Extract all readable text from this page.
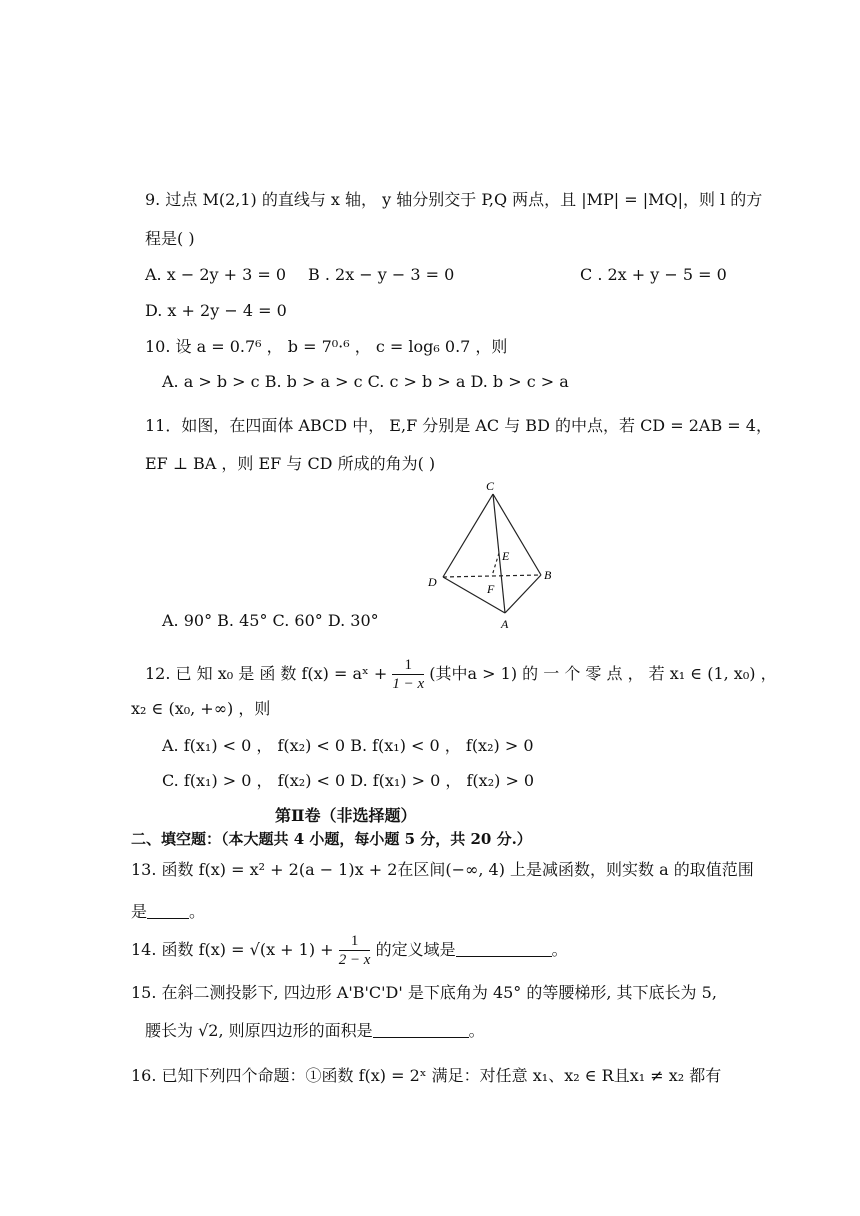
9. 过点 M(2,1) 的直线与 x 轴， y 轴分别交于 P,Q 两点，且 |MP| = |MQ|，则 l 的方
程是( )
A. x − 2y + 3 = 0 B . 2x − y − 3 = 0	C . 2x + y − 5 = 0
D. x + 2y − 4 = 0
10. 设 a = 0.7⁶ ， b = 7⁰·⁶ ， c = log₆ 0.7 ，则
A. a > b > c B. b > a > c C. c > b > a D. b > c > a
11．如图，在四面体 ABCD 中， E,F 分别是 AC 与 BD 的中点，若 CD = 2AB = 4，
EF ⊥ BA ，则 EF 与 CD 所成的角为( )
C
E
B
D	F
A
A. 90° B. 45° C. 60° D. 30°
12. 已 知 x₀ 是 函 数 f(x) = aˣ + $\frac{1}{1 - x}$ (其中a > 1) 的 一 个 零 点 ， 若 x₁ ∈ (1, x₀) ，
x₂ ∈ (x₀, +∞) ，则
A. f(x₁) < 0 ， f(x₂) < 0 B. f(x₁) < 0 ， f(x₂) > 0
C. f(x₁) > 0 ， f(x₂) < 0 D. f(x₁) > 0 ， f(x₂) > 0
第Ⅱ卷（非选择题）
二、填空题：（本大题共 4 小题，每小题 5 分，共 20 分.）
13. 函数 f(x) = x² + 2(a − 1)x + 2在区间(−∞, 4) 上是减函数，则实数 a 的取值范围
是	。
14. 函数 $f(x) = √(x + 1) + \frac{1}{2 - x}$ 的定义域是	。
15. 在斜二测投影下, 四边形 A'B'C'D' 是下底角为 45° 的等腰梯形, 其下底长为 5,
腰长为 √2, 则原四边形的面积是	。
16. 已知下列四个命题：①函数 f(x) = 2ˣ 满足：对任意 x₁、x₂ ∈ R且x₁ ≠ x₂ 都有
